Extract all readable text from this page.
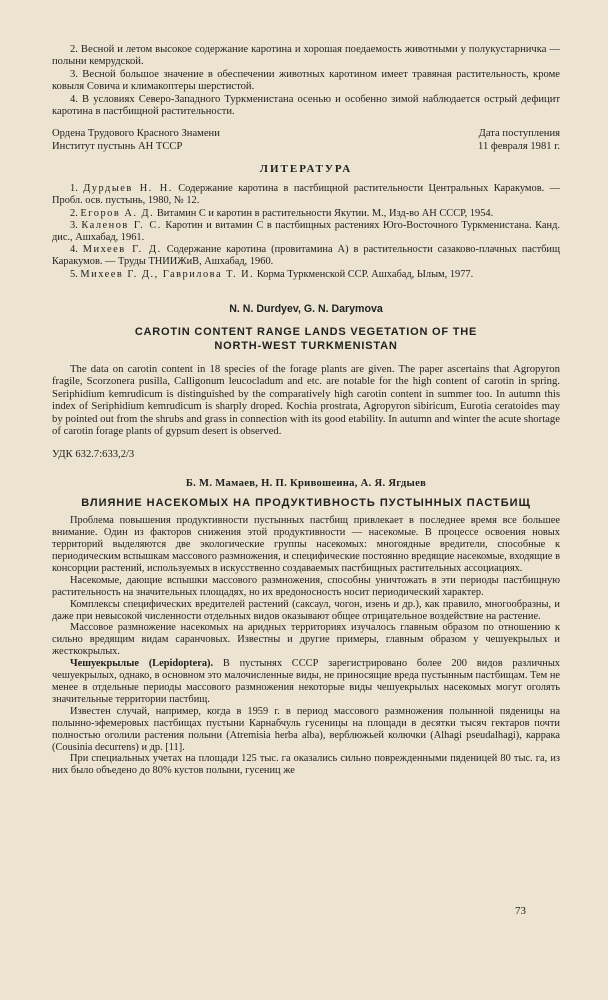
2. Весной и летом высокое содержание каротина и хорошая поедаемость животными у полукустарничка — полыни кемрудской.

3. Весной большое значение в обеспечении животных каротином имеет травяная растительность, кроме ковыля Совича и климакоптеры шерстистой.

4. В условиях Северо-Западного Туркменистана осенью и особенно зимой наблюдается острый дефицит каротина в пастбищной растительности.

Ордена Трудового Красного Знамени
Институт пустынь АН ТССР
Дата поступления
11 февраля 1981 г.
ЛИТЕРАТУРА

1. Дурдыев Н. Н. Содержание каротина в пастбищной растительности Центральных Каракумов. — Пробл. осв. пустынь, 1980, № 12.

2. Егоров А. Д. Витамин С и каротин в растительности Якутии. М., Изд-во АН СССР, 1954.

3. Каленов Г. С. Каротин и витамин С в пастбищных растениях Юго-Восточного Туркменистана. Канд. дис., Ашхабад, 1961.

4. Михеев Г. Д. Содержание каротина (провитамина А) в растительности сазаково-плачных пастбищ Каракумов. — Труды ТНИИЖиВ, Ашхабад, 1960.

5. Михеев Г. Д., Гаврилова Т. И. Корма Туркменской ССР. Ашхабад, Ылым, 1977.

N. N. Durdyev, G. N. Darymova
CAROTIN CONTENT RANGE LANDS VEGETATION OF THE
NORTH-WEST TURKMENISTAN

The data on carotin content in 18 species of the forage plants are given. The paper ascertains that Agropyron fragile, Scorzonera pusilla, Calligonum leucocladum and etc. are notable for the high content of carotin in spring. Seriphidium kemrudicum is distinguished by the comparatively high carotin content in summer too. In autumn this index of Seriphidium kemrudicum is sharply droped. Kochia prostrata, Agropyron sibiricum, Eurotia ceratoides may by pointed out from the shrubs and grass in connection with its good etability. In autumn and winter the acute shortage of carotin forage plants of gypsum desert is observed.

УДК 632.7:633,2/3
Б. М. Мамаев, Н. П. Кривошеина, А. Я. Ягдыев
ВЛИЯНИЕ НАСЕКОМЫХ НА ПРОДУКТИВНОСТЬ ПУСТЫННЫХ ПАСТБИЩ

Проблема повышения продуктивности пустынных пастбищ привлекает в последнее время все большее внимание. Один из факторов снижения этой продуктивности — насекомые. В процессе освоения новых территорий выделяются две экологические группы насекомых: многоядные вредители, способные к периодическим вспышкам массового размножения, и специфические постоянно вредящие насекомые, входящие в консорции растений, используемых в искусственно создаваемых пастбищных растительных ассоциациях.

Насекомые, дающие вспышки массового размножения, способны уничтожать в эти периоды пастбищную растительность на значительных площадях, но их вредоносность носит периодический характер.

Комплексы специфических вредителей растений (саксаул, чогон, изень и др.), как правило, многообразны, и даже при невысокой численности отдельных видов оказывают общее отрицательное воздействие на растение.

Массовое размножение насекомых на аридных территориях изучалось главным образом по отношению к сильно вредящим видам саранчовых. Известны и другие примеры, главным образом у чешуекрылых и жесткокрылых.

Чешуекрылые (Lepidoptera). В пустынях СССР зарегистрировано более 200 видов различных чешуекрылых, однако, в основном это малочисленные виды, не приносящие вреда пустынным пастбищам. Тем не менее в отдельные периоды массового размножения некоторые виды чешуекрылых насекомых могут оголять значительные территории пастбищ.

Известен случай, например, когда в 1959 г. в период массового размножения полынной пяденицы на полынно-эфемеровых пастбищах пустыни Карнабчуль гусеницы на площади в десятки тысяч гектаров почти полностью оголили растения полыни (Atremisia herba alba), верблюжьей колючки (Alhagi pseudalhagi), каррака (Cousinia decurrens) и др. [11].

При специальных учетах на площади 125 тыс. га оказались сильно поврежденными пяденицей 80 тыс. га, из них было объедено до 80% кустов полыни, гусениц же

73
